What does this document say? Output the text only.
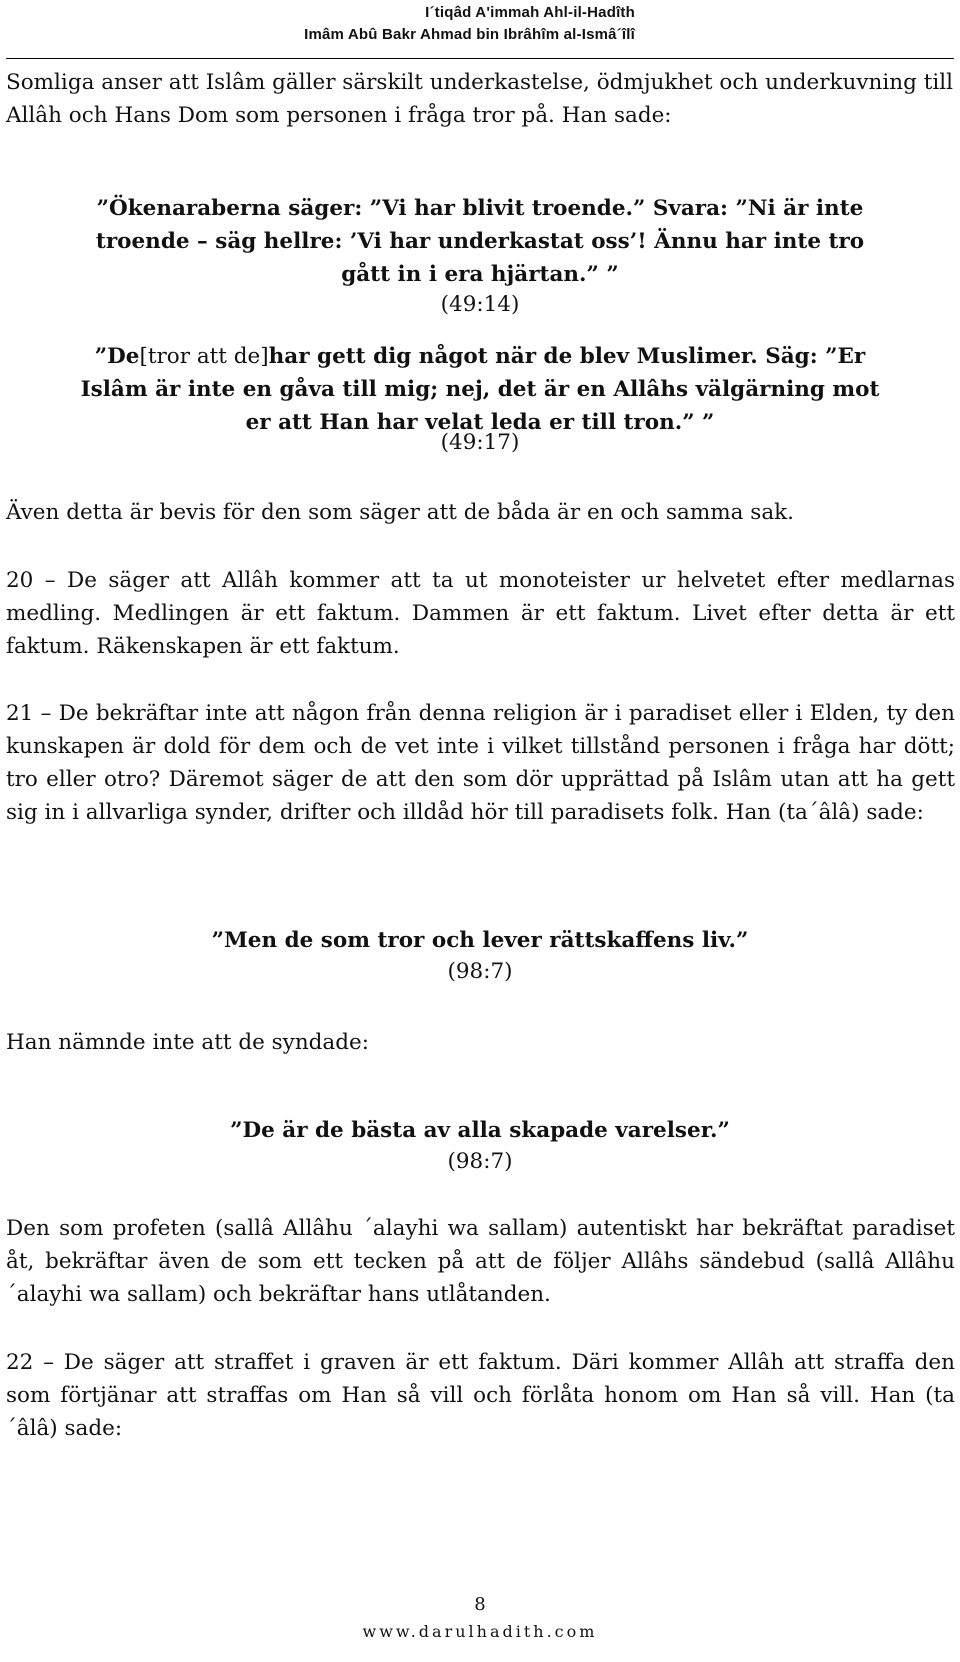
I´tiqâd A'immah Ahl-il-Hadîth
Imâm Abû Bakr Ahmad bin Ibrâhîm al-Ismâ´îlî
Somliga anser att Islâm gäller särskilt underkastelse, ödmjukhet och underkuvning till Allâh och Hans Dom som personen i fråga tror på. Han sade:
”Ökenaraberna säger: ”Vi har blivit troende.” Svara: ”Ni är inte
troende – säg hellre: ’Vi har underkastat oss’! Ännu har inte tro
gått in i era hjärtan.” ”
(49:14)
”De[tror att de]har gett dig något när de blev Muslimer. Säg: ”Er
Islâm är inte en gåva till mig; nej, det är en Allâhs välgärning mot
er att Han har velat leda er till tron.” ”
(49:17)
Även detta är bevis för den som säger att de båda är en och samma sak.
20 – De säger att Allâh kommer att ta ut monoteister ur helvetet efter medlarnas medling. Medlingen är ett faktum. Dammen är ett faktum. Livet efter detta är ett faktum. Räkenskapen är ett faktum.
21 – De bekräftar inte att någon från denna religion är i paradiset eller i Elden, ty den kunskapen är dold för dem och de vet inte i vilket tillstånd personen i fråga har dött; tro eller otro? Däremot säger de att den som dör upprättad på Islâm utan att ha gett sig in i allvarliga synder, drifter och illdåd hör till paradisets folk. Han (ta´âlâ) sade:
”Men de som tror och lever rättskaffens liv.”
(98:7)
Han nämnde inte att de syndade:
”De är de bästa av alla skapade varelser.”
(98:7)
Den som profeten (sallâ Allâhu ´alayhi wa sallam) autentiskt har bekräftat paradiset åt, bekräftar även de som ett tecken på att de följer Allâhs sändebud (sallâ Allâhu ´alayhi wa sallam) och bekräftar hans utlåtanden.
22 – De säger att straffet i graven är ett faktum. Däri kommer Allâh att straffa den som förtjänar att straffas om Han så vill och förlåta honom om Han så vill. Han (ta´âlâ) sade:
8
www.darulhadith.com
